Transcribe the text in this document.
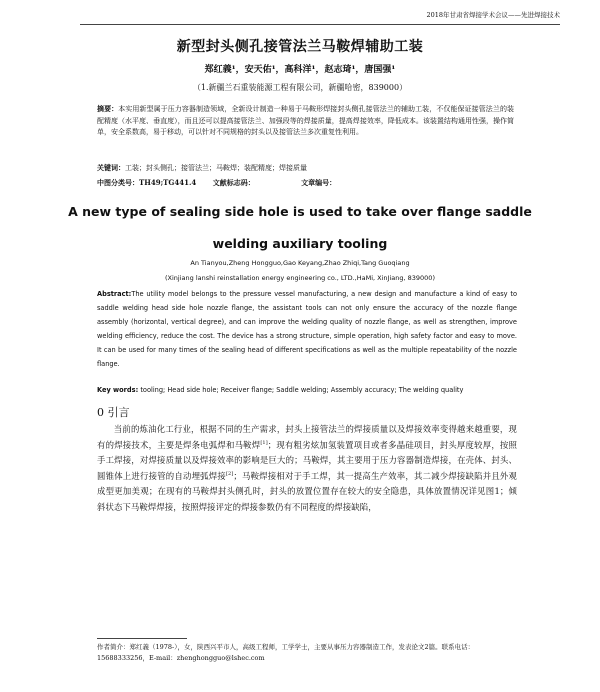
2018年甘肃省焊接学术会议——先进焊接技术
新型封头侧孔接管法兰马鞍焊辅助工装
郑红義¹，安天佑¹，高科洋¹，赵志琦¹，唐国强¹
（1.新疆兰石重装能源工程有限公司，新疆哈密，839000）
摘要：本实用新型属于压力容器制造领域，全新设计制造一种易于马鞍形焊接封头侧孔接管法兰的辅助工装，不仅能保证接管法兰的装配精度（水平度、垂直度），而且还可以提高接管法兰、加强段等的焊接质量，提高焊接效率，降低成本。该装置结构通用性强，操作简单，安全系数高，易于移动，可以针对不同规格的封头以及接管法兰多次重复性利用。
关键词：工装；封头侧孔；接管法兰；马鞍焊；装配精度；焊接质量
中图分类号：TH49;TG441.4 文献标志码：	文章编号：
A new type of sealing side hole is used to take over flange saddle welding auxiliary tooling
An Tianyou,Zheng Hongguo,Gao Keyang,Zhao Zhiqi,Tang Guoqiang
(Xinjiang lanshi reinstallation energy engineering co., LTD.,HaMi, XinJiang, 839000)
Abstract:The utility model belongs to the pressure vessel manufacturing, a new design and manufacture a kind of easy to saddle welding head side hole nozzle flange, the assistant tools can not only ensure the accuracy of the nozzle flange assembly (horizontal, vertical degree), and can improve the welding quality of nozzle flange, as well as strengthen, improve welding efficiency, reduce the cost. The device has a strong structure, simple operation, high safety factor and easy to move. It can be used for many times of the sealing head of different specifications as well as the multiple repeatability of the nozzle flange.
Key words: tooling; Head side hole; Receiver flange; Saddle welding; Assembly accuracy; The welding quality
0 引言
当前的炼油化工行业，根据不同的生产需求，封头上接管法兰的焊接质量以及焊接效率变得越来越重要，现有的焊接技术，主要是焊条电弧焊和马鞍焊[1]；现有粗劣炫加氢装置项目或者多晶硅项目，封头厚度较厚，按照手工焊接，对焊接质量以及焊接效率的影响是巨大的；马鞍焊，其主要用于压力容器制造焊接，在壳体、封头、圆锥体上进行接管的自动埋弧焊接[2]；马鞍焊接相对于手工焊，其一提高生产效率，其二减少焊接缺陷并且外观成型更加美观；在现有的马鞍焊封头侧孔时，封头的放置位置存在较大的安全隐患，具体放置情况详见图1；倾斜状态下马鞍焊焊接，按照焊接评定的焊接参数仍有不同程度的焊接缺陷，
作者简介：郑红義（1978-），女，陕西兴平市人，高级工程师，工学学士，主要从事压力容器制造工作，发表论文2篇。联系电话：15688333256，E-mail：zhenghongguo@lshec.com
